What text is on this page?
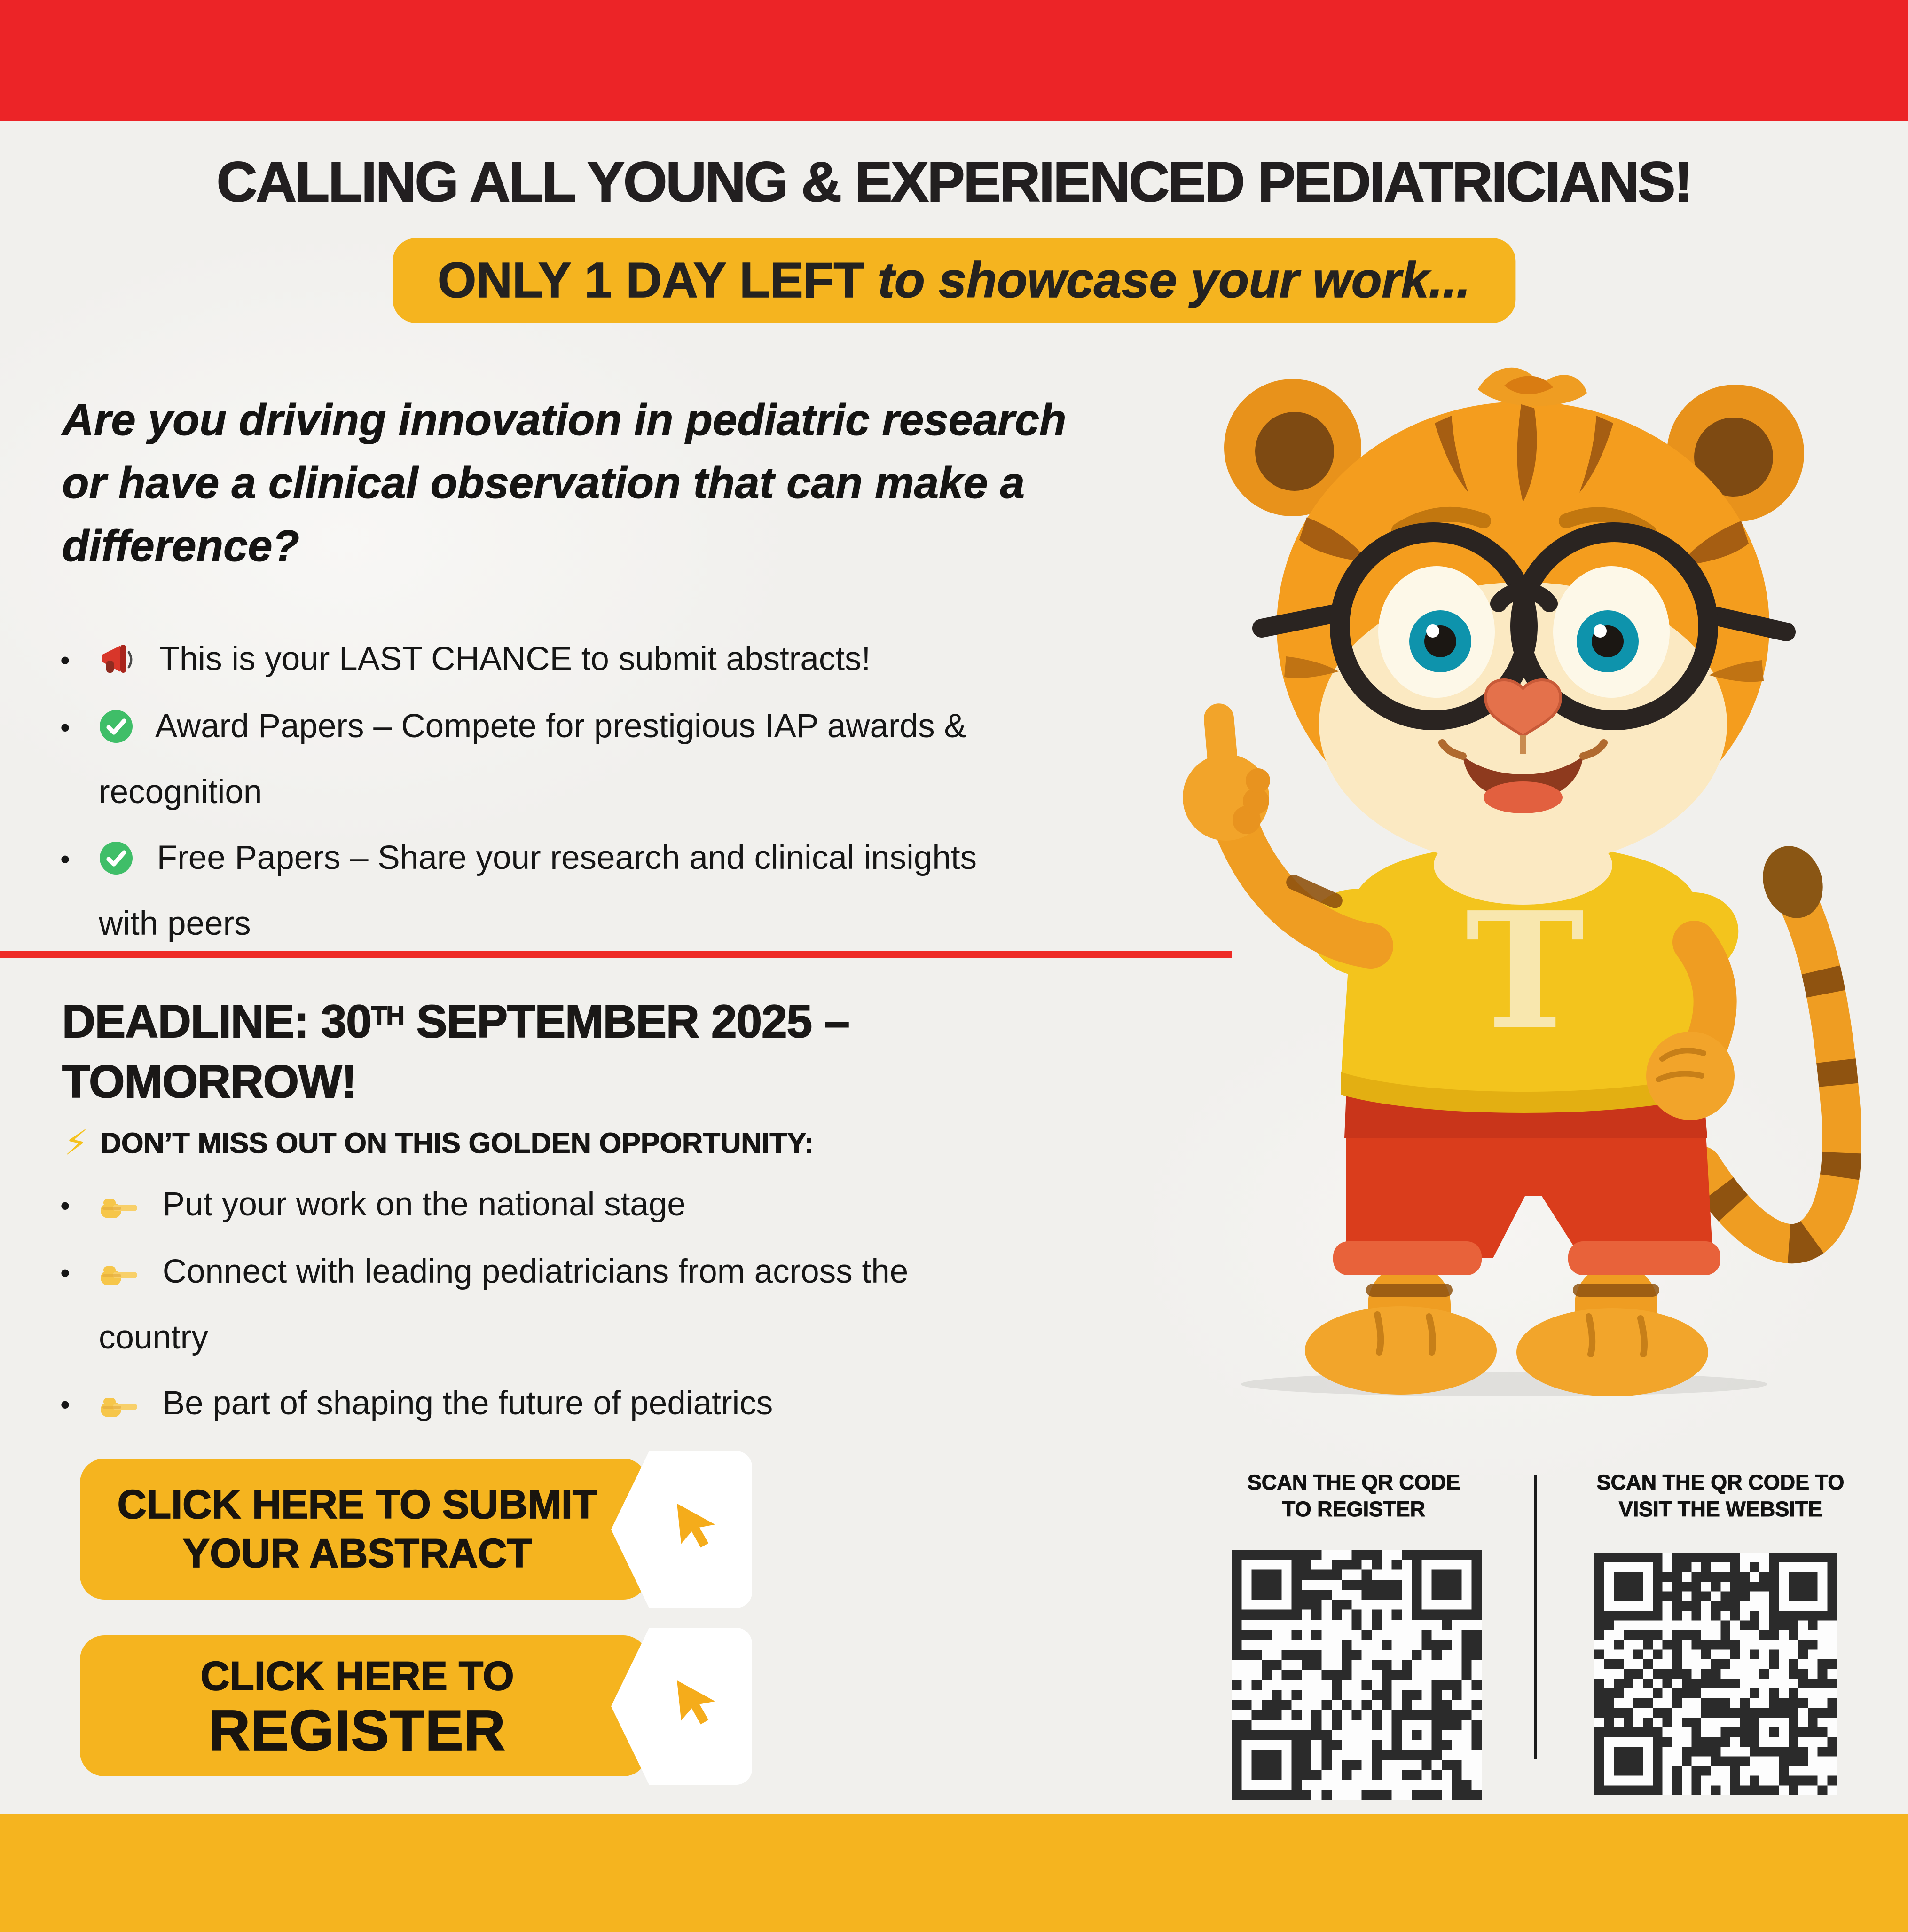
CALLING ALL YOUNG & EXPERIENCED PEDIATRICIANS!
ONLY 1 DAY LEFT to showcase your work...
Are you driving innovation in pediatric research or have a clinical observation that can make a difference?
•
This is your LAST CHANCE to submit abstracts!
•
Award Papers – Compete for prestigious IAP awards &
recognition
•
Free Papers – Share your research and clinical insights
with peers
DEADLINE: 30TH SEPTEMBER 2025 –
TOMORROW!
⚡ DON’T MISS OUT ON THIS GOLDEN OPPORTUNITY:
•
Put your work on the national stage
•
Connect with leading pediatricians from across the
country
•
Be part of shaping the future of pediatrics
CLICK HERE TO SUBMIT
YOUR ABSTRACT
CLICK HERE TO
REGISTER
SCAN THE QR CODE
TO REGISTER
SCAN THE QR CODE TO
VISIT THE WEBSITE
T
